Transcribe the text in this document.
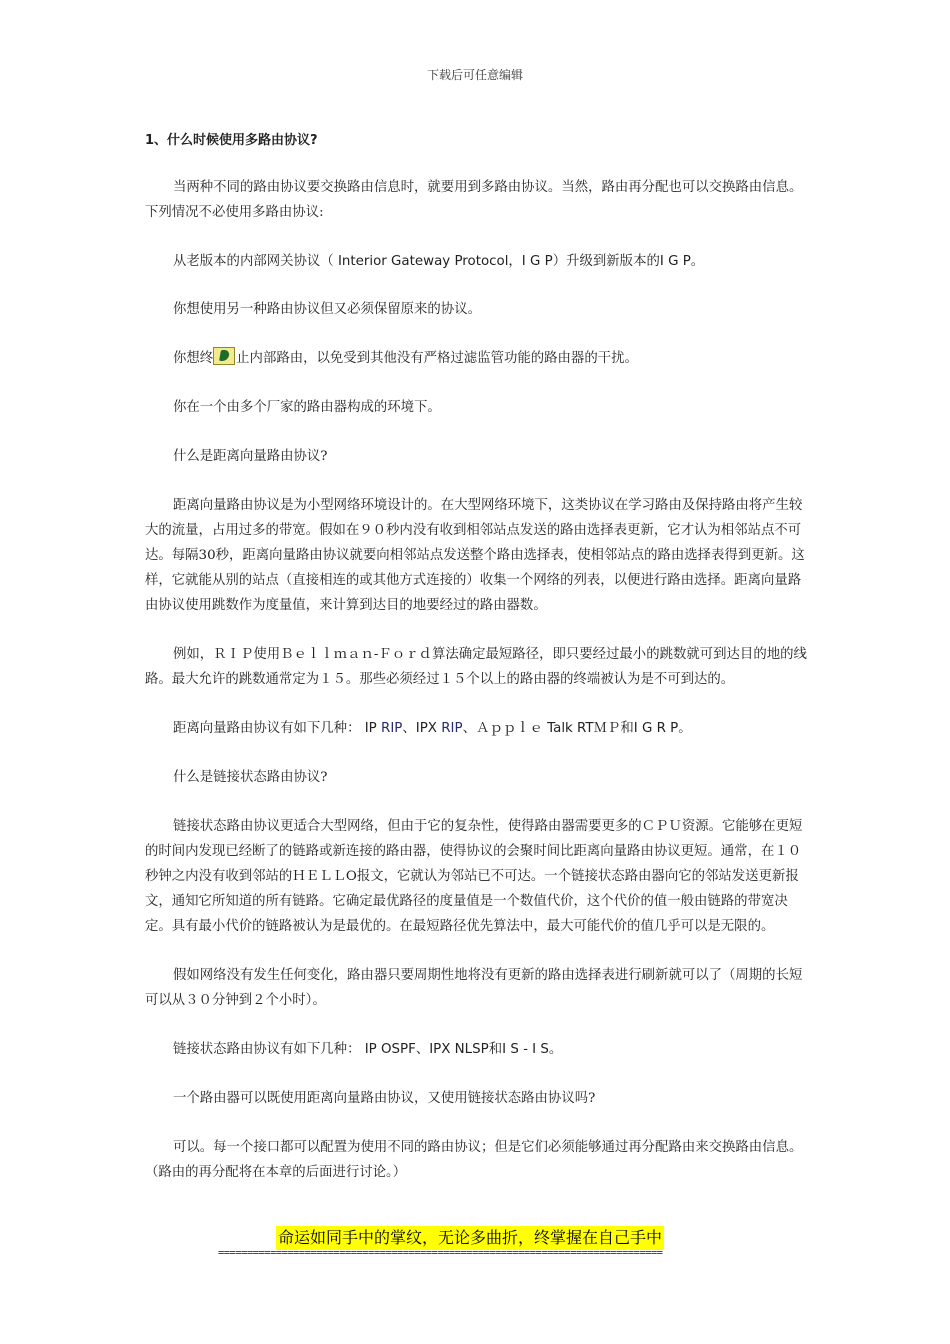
下载后可任意编辑
1、什么时候使用多路由协议?
当两种不同的路由协议要交换路由信息时，就要用到多路由协议。当然，路由再分配也可以交换路由信息。下列情况不必使用多路由协议:
从老版本的内部网关协议（ Interior Gateway Protocol，I G P）升级到新版本的I G P。
你想使用另一种路由协议但又必须保留原来的协议。
你想终 止内部路由，以免受到其他没有严格过滤监管功能的路由器的干扰。
你在一个由多个厂家的路由器构成的环境下。
什么是距离向量路由协议?
距离向量路由协议是为小型网络环境设计的。在大型网络环境下，这类协议在学习路由及保持路由将产生较大的流量，占用过多的带宽。假如在９０秒内没有收到相邻站点发送的路由选择表更新，它才认为相邻站点不可达。每隔30秒，距离向量路由协议就要向相邻站点发送整个路由选择表，使相邻站点的路由选择表得到更新。这样，它就能从别的站点（直接相连的或其他方式连接的）收集一个网络的列表，以便进行路由选择。距离向量路由协议使用跳数作为度量值，来计算到达目的地要经过的路由器数。
例如，ＲＩＰ使用Ｂｅｌｌｍａｎ-Ｆｏｒｄ算法确定最短路径，即只要经过最小的跳数就可到达目的地的线路。最大允许的跳数通常定为１５。那些必须经过１５个以上的路由器的终端被认为是不可到达的。
距离向量路由协议有如下几种： IP RIP、IPX RIP、Ａｐｐｌｅ Talk RTＭＰ和I G R P。
什么是链接状态路由协议?
链接状态路由协议更适合大型网络，但由于它的复杂性，使得路由器需要更多的ＣＰＵ资源。它能够在更短的时间内发现已经断了的链路或新连接的路由器，使得协议的会聚时间比距离向量路由协议更短。通常，在１０秒钟之内没有收到邻站的ＨＥＬＬO报文，它就认为邻站已不可达。一个链接状态路由器向它的邻站发送更新报文，通知它所知道的所有链路。它确定最优路径的度量值是一个数值代价，这个代价的值一般由链路的带宽决定。具有最小代价的链路被认为是最优的。在最短路径优先算法中，最大可能代价的值几乎可以是无限的。
假如网络没有发生任何变化，路由器只要周期性地将没有更新的路由选择表进行刷新就可以了（周期的长短可以从３０分钟到２个小时）。
链接状态路由协议有如下几种： IP OSPF、IPX NLSP和I S - I S。
一个路由器可以既使用距离向量路由协议，又使用链接状态路由协议吗?
可以。每一个接口都可以配置为使用不同的路由协议；但是它们必须能够通过再分配路由来交换路由信息。（路由的再分配将在本章的后面进行讨论。）
命运如同手中的掌纹，无论多曲折，终掌握在自己手中
=============================================================================
